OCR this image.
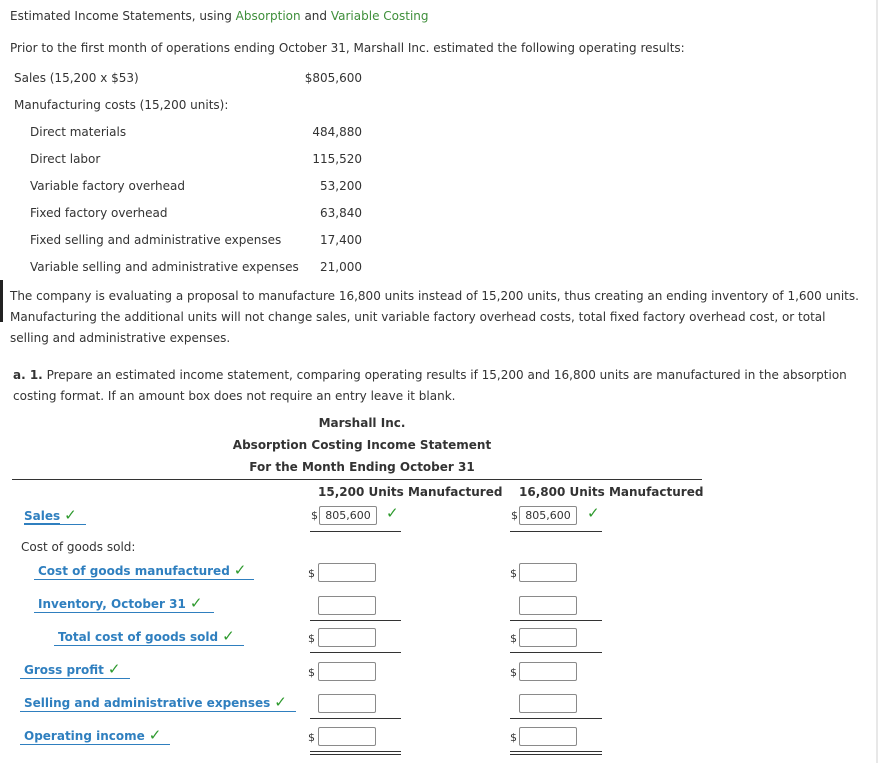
Estimated Income Statements, using Absorption and Variable Costing
Prior to the first month of operations ending October 31, Marshall Inc. estimated the following operating results:
Sales (15,200 x $53)	$805,600
Manufacturing costs (15,200 units):
Direct materials	484,880
Direct labor	115,520
Variable factory overhead	53,200
Fixed factory overhead	63,840
Fixed selling and administrative expenses	17,400
Variable selling and administrative expenses	21,000
The company is evaluating a proposal to manufacture 16,800 units instead of 15,200 units, thus creating an ending inventory of 1,600 units.
Manufacturing the additional units will not change sales, unit variable factory overhead costs, total fixed factory overhead cost, or total
selling and administrative expenses.
a. 1. Prepare an estimated income statement, comparing operating results if 15,200 and 16,800 units are manufactured in the absorption
costing format. If an amount box does not require an entry leave it blank.
Marshall Inc.
Absorption Costing Income Statement
For the Month Ending October 31
15,200 Units Manufactured 16,800 Units Manufactured
Sales ✓	$ 805,600	✓	$ 805,600	✓
Cost of goods sold:
Cost of goods manufactured ✓	$	$
Inventory, October 31 ✓
Total cost of goods sold ✓	$	$
Gross profit ✓	$	$
Selling and administrative expenses ✓
Operating income ✓	$	$
